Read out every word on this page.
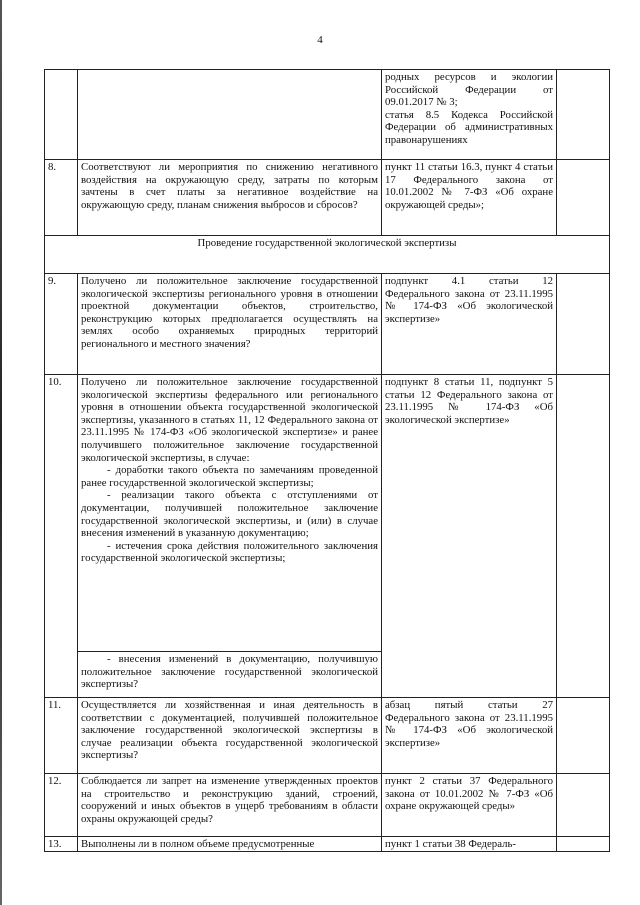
4

		родных ресурсов и экологии Российской Федерации от 09.01.2017 № 3;

статья 8.5 Кодекса Российской Федерации об административных правонарушениях	

8.	Соответствуют ли мероприятия по снижению негативного воздействия на окружающую среду, затраты по которым зачтены в счет платы за негативное воздействие на окружающую среду, планам снижения выбросов и сбросов?	пункт 11 статьи 16.3, пункт 4 статьи 17 Федерального закона от 10.01.2002 № 7-ФЗ «Об охране окружающей среды»;	
Проведение государственной экологической экспертизы			
9.	Получено ли положительное заключение государственной экологической экспертизы регионального уровня в отношении проектной документации объектов, строительство, реконструкцию которых предполагается осуществлять на землях особо охраняемых природных территорий регионального и местного значения?	подпункт 4.1 статьи 12 Федерального закона от 23.11.1995 № 174-ФЗ «Об экологической экспертизе»	
10.	Получено ли положительное заключение государственной экологической экспертизы федерального или регионального уровня в отношении объекта государственной экологической экспертизы, указанного в статьях 11, 12 Федерального закона от 23.11.1995 № 174-ФЗ «Об экологической экспертизе» и ранее получившего положительное заключение государственной экологической экспертизы, в случае:

- доработки такого объекта по замечаниям проведенной ранее государственной экологической экспертизы;

- реализации такого объекта с отступлениями от документации, получившей положительное заключение государственной экологической экспертизы, и (или) в случае внесения изменений в указанную документацию;

- истечения срока действия положительного заключения государственной экологической экспертизы;	подпункт 8 статьи 11, подпункт 5 статьи 12 Федерального закона от 23.11.1995 № 174-ФЗ «Об экологической экспертизе»	

	- внесения изменений в документацию, получившую положительное заключение государственной экологической экспертизы?		

11.	Осуществляется ли хозяйственная и иная деятельность в соответствии с документацией, получившей положительное заключение государственной экологической экспертизы в случае реализации объекта государственной экологической экспертизы?	абзац пятый статьи 27 Федерального закона от 23.11.1995 № 174-ФЗ «Об экологической экспертизе»	
12.	Соблюдается ли запрет на изменение утвержденных проектов на строительство и реконструкцию зданий, строений, сооружений и иных объектов в ущерб требованиям в области охраны окружающей среды?	пункт 2 статьи 37 Федерального закона от 10.01.2002 № 7-ФЗ «Об охране окружающей среды»	
13.	Выполнены ли в полном объеме предусмотренные	пункт 1 статьи 38 Федераль-	
